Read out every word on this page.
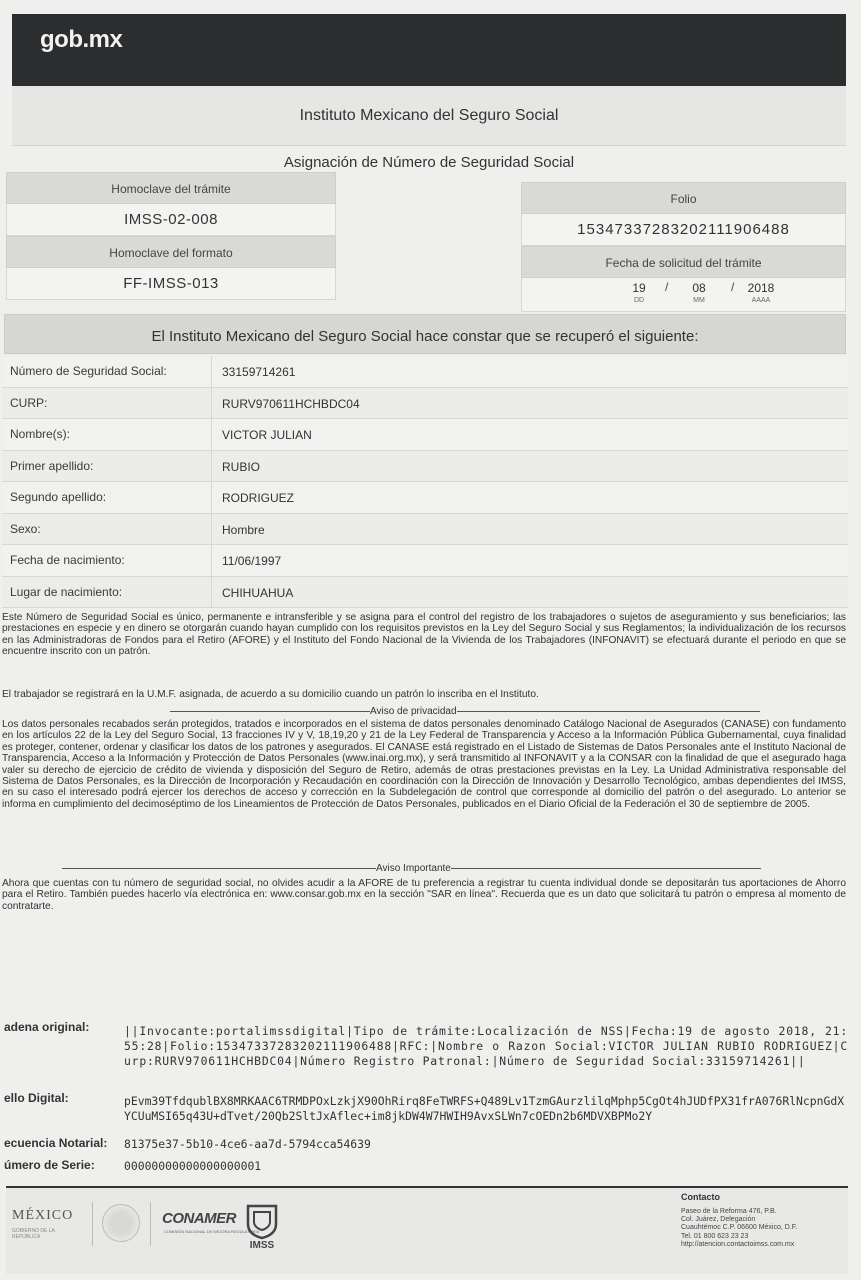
gob.mx
Instituto Mexicano del Seguro Social
Asignación de Número de Seguridad Social
Homoclave del trámite
IMSS-02-008
Homoclave del formato
FF-IMSS-013
Folio
15347337283202111906488
Fecha de solicitud del trámite
19
DD
/	08
MM
/	2018
AAAA
El Instituto Mexicano del Seguro Social hace constar que se recuperó el siguiente:
Número de Seguridad Social:	33159714261
CURP:	RURV970611HCHBDC04
Nombre(s):	VICTOR JULIAN
Primer apellido:	RUBIO
Segundo apellido:	RODRIGUEZ
Sexo:	Hombre
Fecha de nacimiento:	11/06/1997
Lugar de nacimiento:	CHIHUAHUA

Este Número de Seguridad Social es único, permanente e intransferible y se asigna para el control del registro de los trabajadores o sujetos de aseguramiento y sus beneficiarios; las prestaciones en especie y en dinero se otorgarán cuando hayan cumplido con los requisitos previstos en la Ley del Seguro Social y sus Reglamentos; la individualización de los recursos en las Administradoras de Fondos para el Retiro (AFORE) y el Instituto del Fondo Nacional de la Vivienda de los Trabajadores (INFONAVIT) se efectuará durante el periodo en que se encuentre inscrito con un patrón.

El trabajador se registrará en la U.M.F. asignada, de acuerdo a su domicilio cuando un patrón lo inscriba en el Instituto.

Aviso de privacidad

Los datos personales recabados serán protegidos, tratados e incorporados en el sistema de datos personales denominado Catálogo Nacional de Asegurados (CANASE) con fundamento en los artículos 22 de la Ley del Seguro Social, 13 fracciones IV y V, 18,19,20 y 21 de la Ley Federal de Transparencia y Acceso a la Información Pública Gubernamental, cuya finalidad es proteger, contener, ordenar y clasificar los datos de los patrones y asegurados. El CANASE está registrado en el Listado de Sistemas de Datos Personales ante el Instituto Nacional de Transparencia, Acceso a la Información y Protección de Datos Personales (www.inai.org.mx), y será transmitido al INFONAVIT y a la CONSAR con la finalidad de que el asegurado haga valer su derecho de ejercicio de crédito de vivienda y disposición del Seguro de Retiro, además de otras prestaciones previstas en la Ley. La Unidad Administrativa responsable del Sistema de Datos Personales, es la Dirección de Incorporación y Recaudación en coordinación con la Dirección de Innovación y Desarrollo Tecnológico, ambas dependientes del IMSS, en su caso el interesado podrá ejercer los derechos de acceso y corrección en la Subdelegación de control que corresponde al domicilio del patrón o del asegurado. Lo anterior se informa en cumplimiento del decimoséptimo de los Lineamientos de Protección de Datos Personales, publicados en el Diario Oficial de la Federación el 30 de septiembre de 2005.

Aviso Importante

Ahora que cuentas con tu número de seguridad social, no olvides acudir a la AFORE de tu preferencia a registrar tu cuenta individual donde se depositarán tus aportaciones de Ahorro para el Retiro. También puedes hacerlo vía electrónica en: www.consar.gob.mx en la sección "SAR en línea". Recuerda que es un dato que solicitará tu patrón o empresa al momento de contratarte.

adena original:	||Invocante:portalimssdigital|Tipo de trámite:Localización de NSS|Fecha:19 de agosto 2018, 21:55:28|Folio:15347337283202111906488|RFC:|Nombre o Razon Social:VICTOR JULIAN RUBIO RODRIGUEZ|Curp:RURV970611HCHBDC04|Número Registro Patronal:|Número de Seguridad Social:33159714261||

ello Digital:	pEvm39TfdqublBX8MRKAAC6TRMDPOxLzkjX90OhRirq8FeTWRFS+Q489Lv1TzmGAurzlilqMphp5CgOt4hJUDfPX31frA076RlNcpnGdXYCUuMSI65q43U+dTvet/20Qb2SltJxAflec+im8jkDW4W7HWIH9AvxSLWn7cOEDn2b6MDVXBPMo2Y

ecuencia Notarial: 81375e37-5b10-4ce6-aa7d-5794cca54639

úmero de Serie:	00000000000000000001

MÉXICO
GOBIERNO DE LA REPÚBLICA
CONAMER
COMISIÓN NACIONAL DE MEJORA REGULATORIA
IMSS
Contacto
Paseo de la Reforma 476, P.B.
Col. Juárez, Delegación
Cuauhtémoc C.P. 06600 México, D.F.
Tel. 01 800 623 23 23
http://atencion.contactoimss.com.mx
